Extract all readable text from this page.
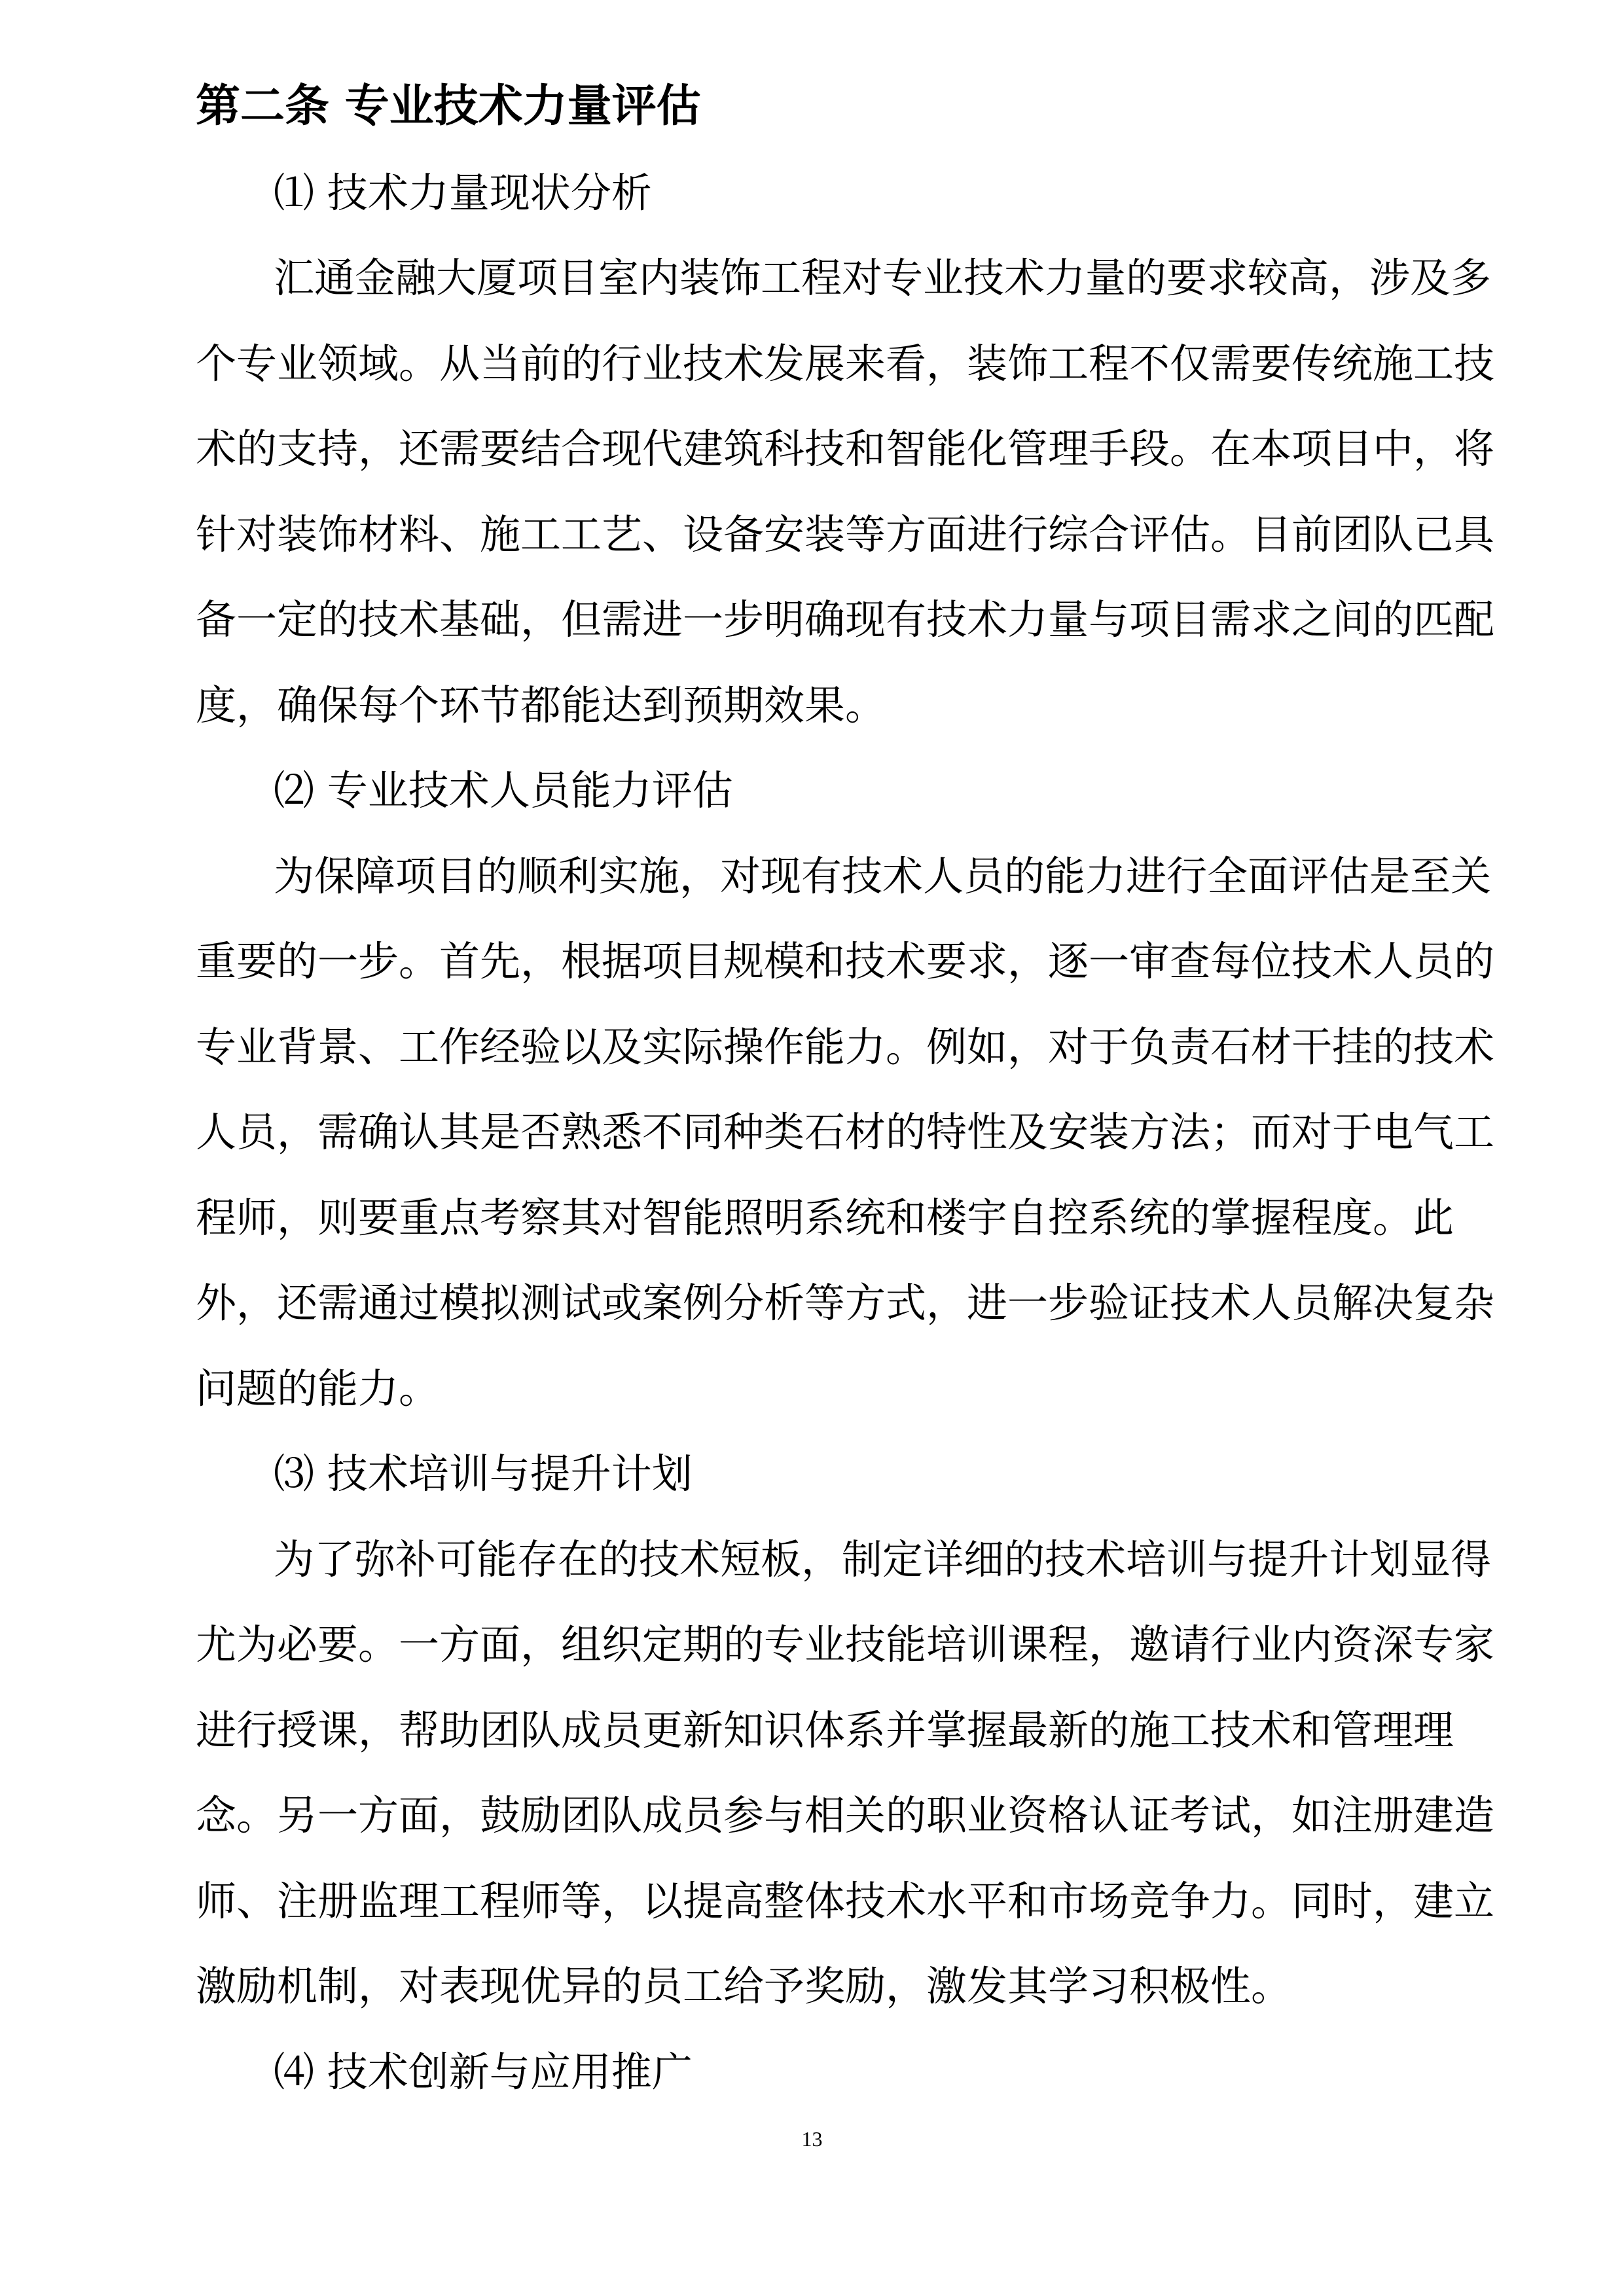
第二条 专业技术力量评估
⑴ 技术力量现状分析
汇通金融大厦项目室内装饰工程对专业技术力量的要求较高，涉及多
个专业领域。从当前的行业技术发展来看，装饰工程不仅需要传统施工技
术的支持，还需要结合现代建筑科技和智能化管理手段。在本项目中，将
针对装饰材料、施工工艺、设备安装等方面进行综合评估。目前团队已具
备一定的技术基础，但需进一步明确现有技术力量与项目需求之间的匹配
度，确保每个环节都能达到预期效果。
⑵ 专业技术人员能力评估
为保障项目的顺利实施，对现有技术人员的能力进行全面评估是至关
重要的一步。首先，根据项目规模和技术要求，逐一审查每位技术人员的
专业背景、工作经验以及实际操作能力。例如，对于负责石材干挂的技术
人员，需确认其是否熟悉不同种类石材的特性及安装方法；而对于电气工
程师，则要重点考察其对智能照明系统和楼宇自控系统的掌握程度。此
外，还需通过模拟测试或案例分析等方式，进一步验证技术人员解决复杂
问题的能力。
⑶ 技术培训与提升计划
为了弥补可能存在的技术短板，制定详细的技术培训与提升计划显得
尤为必要。一方面，组织定期的专业技能培训课程，邀请行业内资深专家
进行授课，帮助团队成员更新知识体系并掌握最新的施工技术和管理理
念。另一方面，鼓励团队成员参与相关的职业资格认证考试，如注册建造
师、注册监理工程师等，以提高整体技术水平和市场竞争力。同时，建立
激励机制，对表现优异的员工给予奖励，激发其学习积极性。
⑷ 技术创新与应用推广
13
